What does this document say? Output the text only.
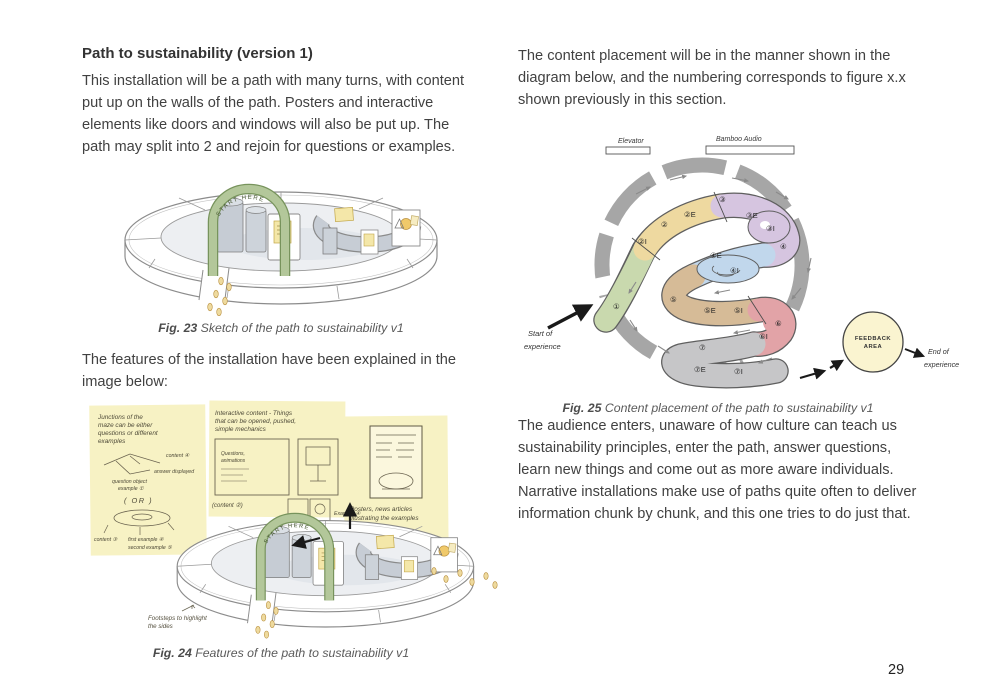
Path to sustainability (version 1)

This installation will be a path with many turns, with content put up on the walls of the path. Posters and interactive elements like doors and windows will also be put up. The path may split into 2 and rejoin for questions or examples.

START HERE
Fig. 23 Sketch of the path to sustainability v1

The features of the installation have been explained in the image below:

Junctions of the
maze can be either
questions or different
examples
content ④
answer displayed
question object
example ①
( OR )
content ③ first example ④
second example ⑤
Interactive content - Things
that can be opened, pushed,
simple mechanics
Questions,
animations
(content ②)
Example ④
Posters, news articles
illustrating the examples
Footsteps to highlight
the sides
Fig. 24 Features of the path to sustainability v1

The content placement will be in the manner shown in the diagram below, and the numbering corresponds to figure x.x shown previously in this section.

Elevator	Bamboo Audio
①
②I
②
②E
③
③E
③I
④
④E
④I
⑤
⑤E ⑤I
⑥
⑥I
⑦
⑦E	⑦I
Start of
experience
FEEDBACK
AREA	End of
experience
Fig. 25 Content placement of the path to sustainability v1

The audience enters, unaware of how culture can teach us sustainability principles, enter the path, answer questions, learn new things and come out as more aware individuals. Narrative installations make use of paths quite often to deliver information chunk by chunk, and this one tries to do just that.

29
